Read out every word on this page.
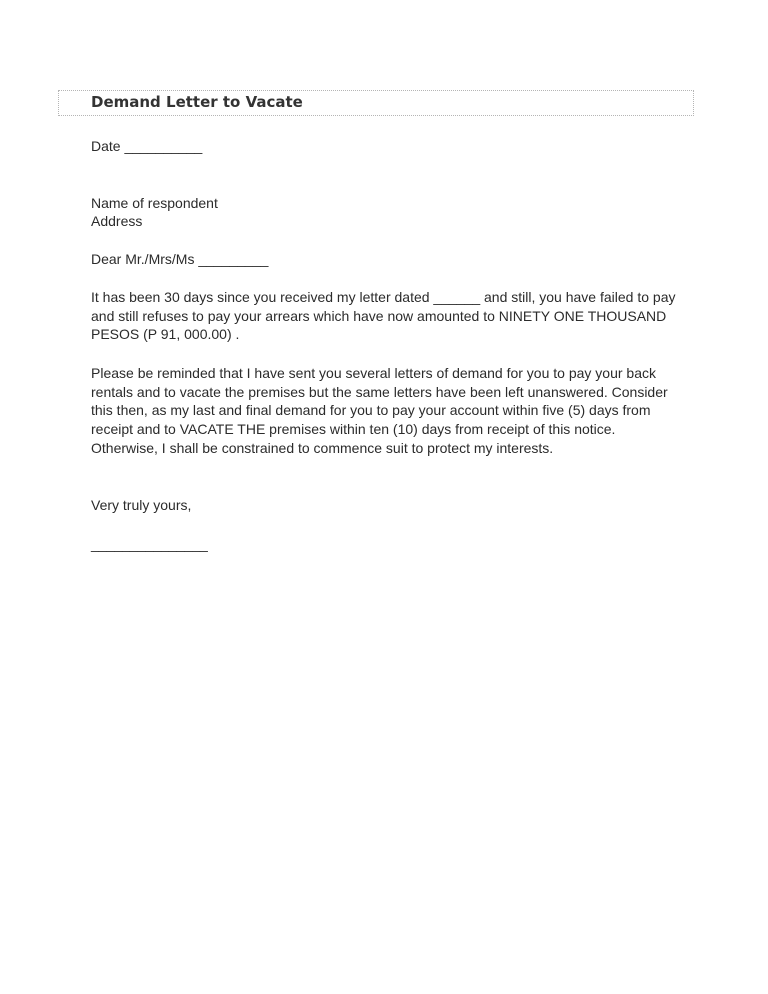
Demand Letter to Vacate
Date __________
Name of respondent
Address
Dear Mr./Mrs/Ms _________
It has been 30 days since you received my letter dated ______ and still, you have failed to pay
and still refuses to pay your arrears which have now amounted to NINETY ONE THOUSAND
PESOS (P 91, 000.00) .
Please be reminded that I have sent you several letters of demand for you to pay your back
rentals and to vacate the premises but the same letters have been left unanswered. Consider
this then, as my last and final demand for you to pay your account within five (5) days from
receipt and to VACATE THE premises within ten (10) days from receipt of this notice.
Otherwise, I shall be constrained to commence suit to protect my interests.
Very truly yours,
_______________
